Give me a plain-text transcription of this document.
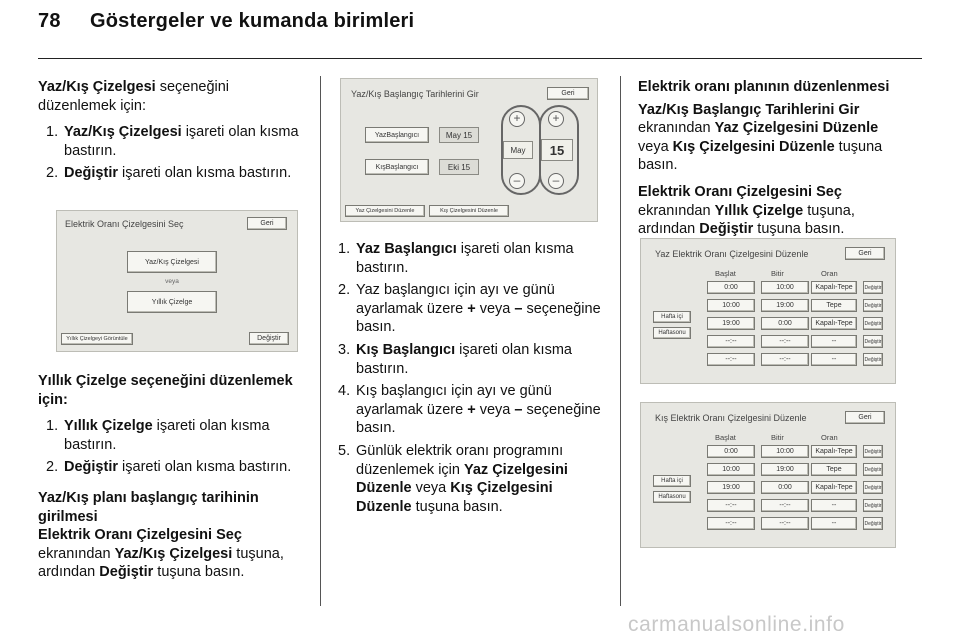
78 Göstergeler ve kumanda birimleri

Yaz/Kış Çizelgesi seçeneğini düzenlemek için:

1. Yaz/Kış Çizelgesi işareti olan kısma bastırın.
2. Değiştir işareti olan kısma bastırın.
Elektrik Oranı Çizelgesini Seç	Geri
Yaz/Kış Çizelgesi
veya
Yıllık Çizelge
Yıllık Çizelgeyi Görüntüle	Değiştir

Yıllık Çizelge seçeneğini düzenlemek için:

1. Yıllık Çizelge işareti olan kısma bastırın.
2. Değiştir işareti olan kısma bastırın.

Yaz/Kış planı başlangıç tarihinin girilmesi

Elektrik Oranı Çizelgesini Seç

ekranından Yaz/Kış Çizelgesi tuşuna, ardından Değiştir tuşuna basın.

Yaz/Kış Başlangıç Tarihlerini Gir	Geri
YazBaşlangıcı	May 15
KışBaşlangıcı	Eki 15
+	+
May	15
–	–
Yaz Çizelgesini Düzenle	Kış Çizelgesini Düzenle
1. Yaz Başlangıcı işareti olan kısma bastırın.
2. Yaz başlangıcı için ayı ve günü ayarlamak üzere + veya – seçeneğine basın.
3. Kış Başlangıcı işareti olan kısma bastırın.
4. Kış başlangıcı için ayı ve günü ayarlamak üzere + veya – seçeneğine basın.
5. Günlük elektrik oranı programını düzenlemek için Yaz Çizelgesini Düzenle veya Kış Çizelgesini Düzenle tuşuna basın.

Elektrik oranı planının düzenlenmesi

Yaz/Kış Başlangıç Tarihlerini Gir

ekranından Yaz Çizelgesini Düzenle veya Kış Çizelgesini Düzenle tuşuna basın.

Elektrik Oranı Çizelgesini Seç

ekranından Yıllık Çizelge tuşuna, ardından Değiştir tuşuna basın.

Yaz Elektrik Oranı Çizelgesini Düzenle	Geri
Başlat	Bitir	Oran
Hafta içi
Haftasonu
0:00	10:00	Kapalı-Tepe	Değiştir
10:00	19:00	Tepe	Değiştir
19:00	0:00	Kapalı-Tepe	Değiştir
--:--	--:--	--	Değiştir
--:--	--:--	--	Değiştir
Kış Elektrik Oranı Çizelgesini Düzenle	Geri
Başlat	Bitir	Oran
Hafta içi
Haftasonu
0:00	10:00	Kapalı-Tepe	Değiştir
10:00	19:00	Tepe	Değiştir
19:00	0:00	Kapalı-Tepe	Değiştir
--:--	--:--	--	Değiştir
--:--	--:--	--	Değiştir
carmanualsonline.info
